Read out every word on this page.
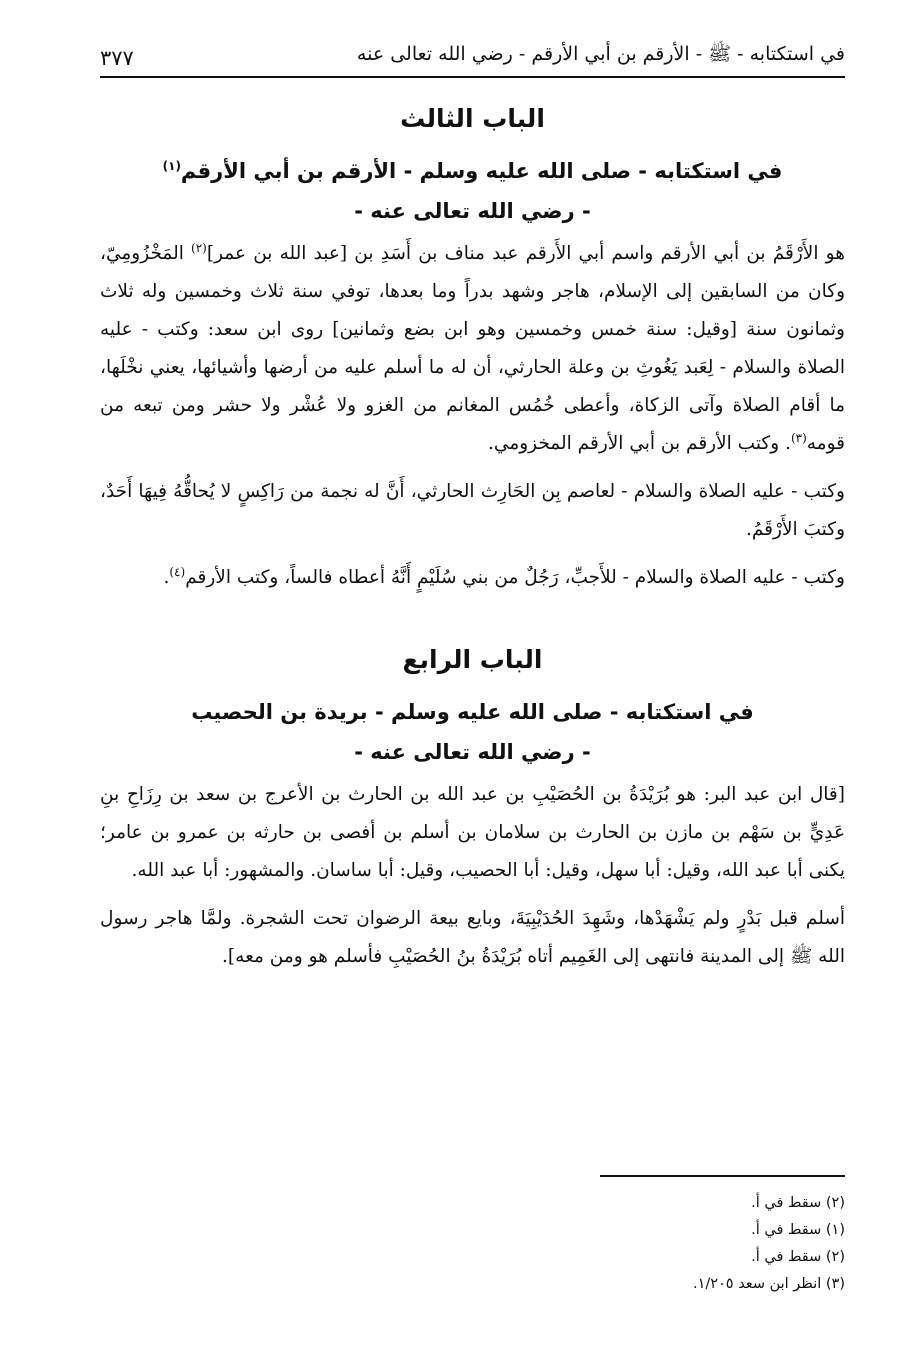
٣٧٧	في استكتابه - ﷺ - الأرقم بن أبي الأرقم - رضي الله تعالى عنه
الباب الثالث
في استكتابه - صلى الله عليه وسلم - الأرقم بن أبي الأرقم$^{(١)}$
- رضي الله تعالى عنه -

هو الأَرْقَمُ بن أبي الأرقم واسم أبي الأَرقم عبد مناف بن أَسَدِ بن [عبد الله بن عمر]$^{(٢)}$ المَخْزُومِيّ، وكان من السابقين إلى الإسلام، هاجر وشهد بدراً وما بعدها، توفي سنة ثلاث وخمسين وله ثلاث وثمانون سنة [وقيل: سنة خمس وخمسين وهو ابن بضع وثمانين] روى ابن سعد: وكتب - عليه الصلاة والسلام - لِعَبد يَغُوثِ بن وعلة الحارثي، أن له ما أسلم عليه من أرضها وأشيائها، يعني نخْلَها، ما أقام الصلاة وآتى الزكاة، وأعطى خُمُس المغانم من الغزو ولا عُشْر ولا حشر ومن تبعه من قومه$^{(٣)}$. وكتب الأرقم بن أبي الأرقم المخزومي.

وكتب - عليه الصلاة والسلام - لعاصم بِن الحَارِث الحارثي، أَنَّ له نجمة من رَاكِسٍ لا يُحاقُّهُ فِيهَا أَحَدٌ، وكتبَ الأَرْقَمُ.

وكتب - عليه الصلاة والسلام - للأَجبِّ، رَجُلٌ من بني سُلَيْمٍ أَنَّهُ أعطاه فالساً، وكتب الأرقم$^{(٤)}$.

الباب الرابع
في استكتابه - صلى الله عليه وسلم - بريدة بن الحصيب
- رضي الله تعالى عنه -

[قال ابن عبد البر: هو بُرَيْدَةُ بن الحُصَيْبِ بن عبد الله بن الحارث بن الأعرج بن سعد بن رِزَاحِ بنِ عَدِيٍّ بن سَهْم بن مازن بن الحارث بن سلامان بن أسلم بن أفصى بن حارثه بن عمرو بن عامر؛ يكنى أبا عبد الله، وقيل: أبا سهل، وقيل: أبا الحصيب، وقيل: أبا ساسان. والمشهور: أبا عبد الله.

أسلم قبل بَدْرٍ ولم يَشْهَدْها، وشَهِدَ الحُدَيْبِيَةَ، وبايع بيعة الرضوان تحت الشجرة. ولمَّا هاجر رسول الله ﷺ إلى المدينة فانتهى إلى الغَمِيم أتاه بُرَيْدَةُ بنُ الحُصَيْبِ فأسلم هو ومن معه].

(٢) سقط في أ.
(١) سقط في أ.
(٢) سقط في أ.
(٣) انظر ابن سعد ١/٢٠٥.
